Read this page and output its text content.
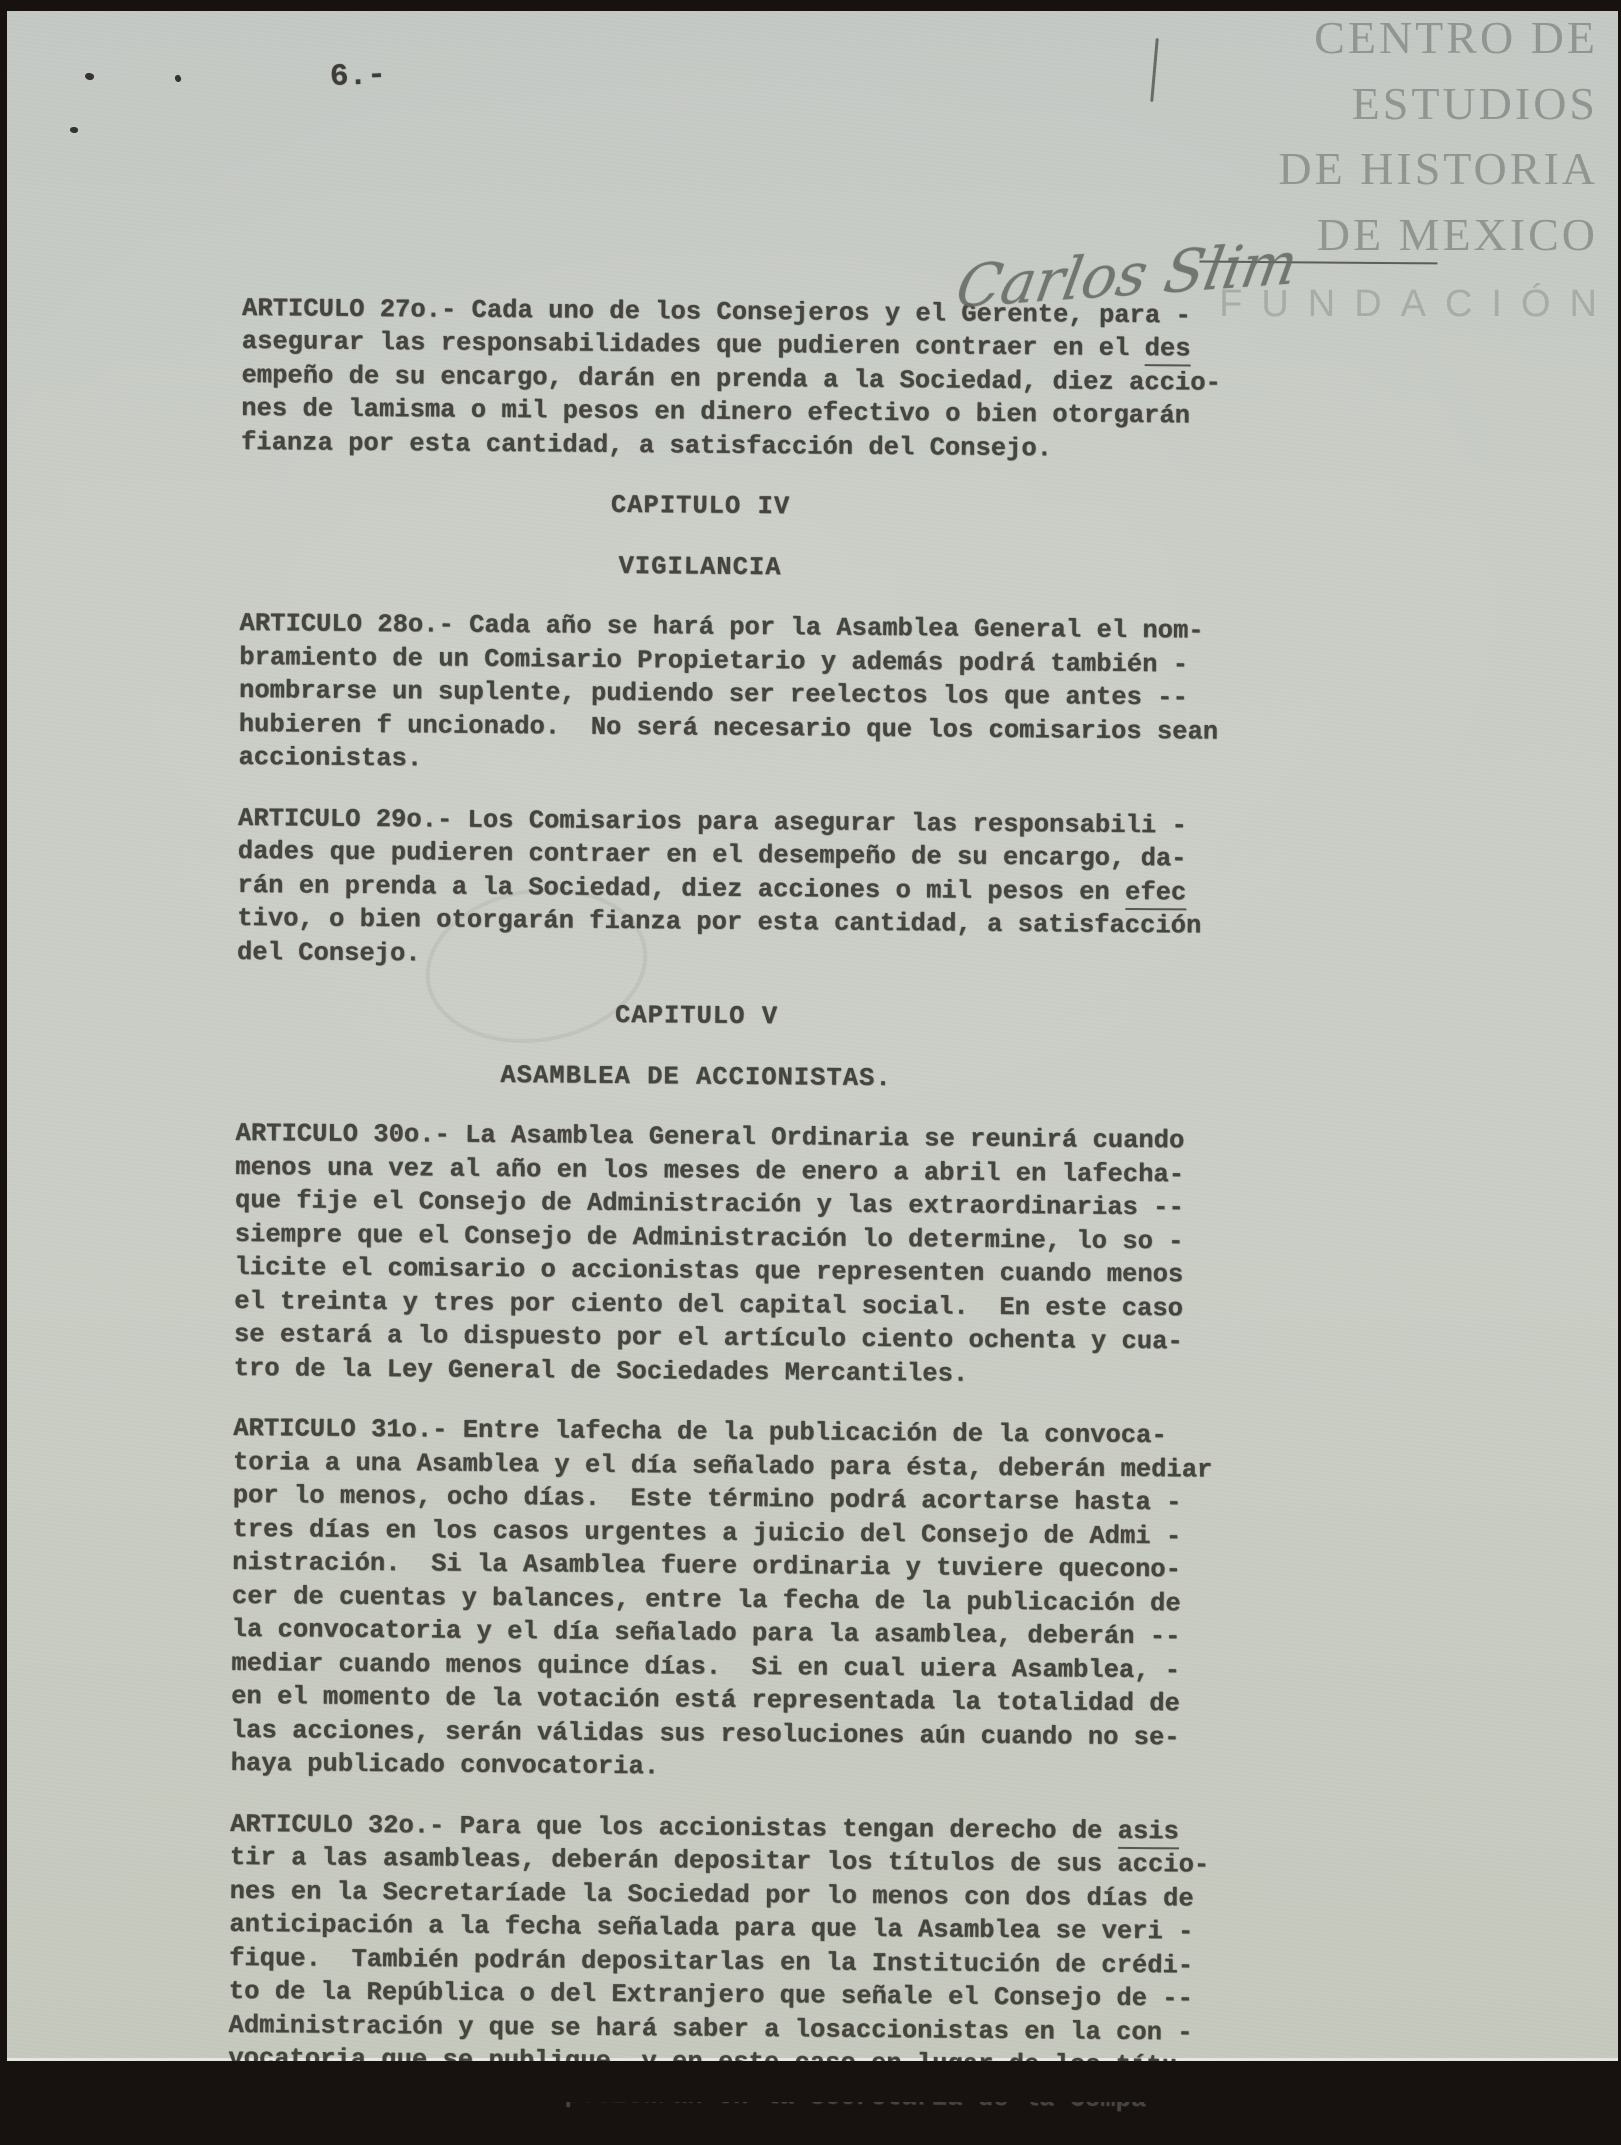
6.-

ARTICULO 27o.- Cada uno de los Consejeros y el Gerente, para -
asegurar las responsabilidades que pudieren contraer en el des
empeño de su encargo, darán en prenda a la Sociedad, diez accio-
nes de lamisma o mil pesos en dinero efectivo o bien otorgarán
fianza por esta cantidad, a satisfacción del Consejo.
CAPITULO IV
VIGILANCIA
ARTICULO 28o.- Cada año se hará por la Asamblea General el nom-
bramiento de un Comisario Propietario y además podrá también -
nombrarse un suplente, pudiendo ser reelectos los que antes --
hubieren f uncionado.  No será necesario que los comisarios sean
accionistas.
ARTICULO 29o.- Los Comisarios para asegurar las responsabili -
dades que pudieren contraer en el desempeño de su encargo, da-
rán en prenda a la Sociedad, diez acciones o mil pesos en efec
tivo, o bien otorgarán fianza por esta cantidad, a satisfacción
del Consejo.
CAPITULO V
ASAMBLEA DE ACCIONISTAS.
ARTICULO 30o.- La Asamblea General Ordinaria se reunirá cuando
menos una vez al año en los meses de enero a abril en lafecha-
que fije el Consejo de Administración y las extraordinarias --
siempre que el Consejo de Administración lo determine, lo so -
licite el comisario o accionistas que representen cuando menos
el treinta y tres por ciento del capital social.  En este caso
se estará a lo dispuesto por el artículo ciento ochenta y cua-
tro de la Ley General de Sociedades Mercantiles.
ARTICULO 31o.- Entre lafecha de la publicación de la convoca-
toria a una Asamblea y el día señalado para ésta, deberán mediar
por lo menos, ocho días.  Este término podrá acortarse hasta -
tres días en los casos urgentes a juicio del Consejo de Admi -
nistración.  Si la Asamblea fuere ordinaria y tuviere quecono-
cer de cuentas y balances, entre la fecha de la publicación de
la convocatoria y el día señalado para la asamblea, deberán --
mediar cuando menos quince días.  Si en cual uiera Asamblea, -
en el momento de la votación está representada la totalidad de
las acciones, serán válidas sus resoluciones aún cuando no se-
haya publicado convocatoria.
ARTICULO 32o.- Para que los accionistas tengan derecho de asis
tir a las asambleas, deberán depositar los títulos de sus accio-
nes en la Secretaríade la Sociedad por lo menos con dos días de
anticipación a la fecha señalada para que la Asamblea se veri -
fique.  También podrán depositarlas en la Institución de crédi-
to de la República o del Extranjero que señale el Consejo de --
Administración y que se hará saber a losaccionistas en la con -
CENTRO DE
ESTUDIOS
DE HISTORIA
DE MEXICO
FUNDACIÓN
Carlos Slim
